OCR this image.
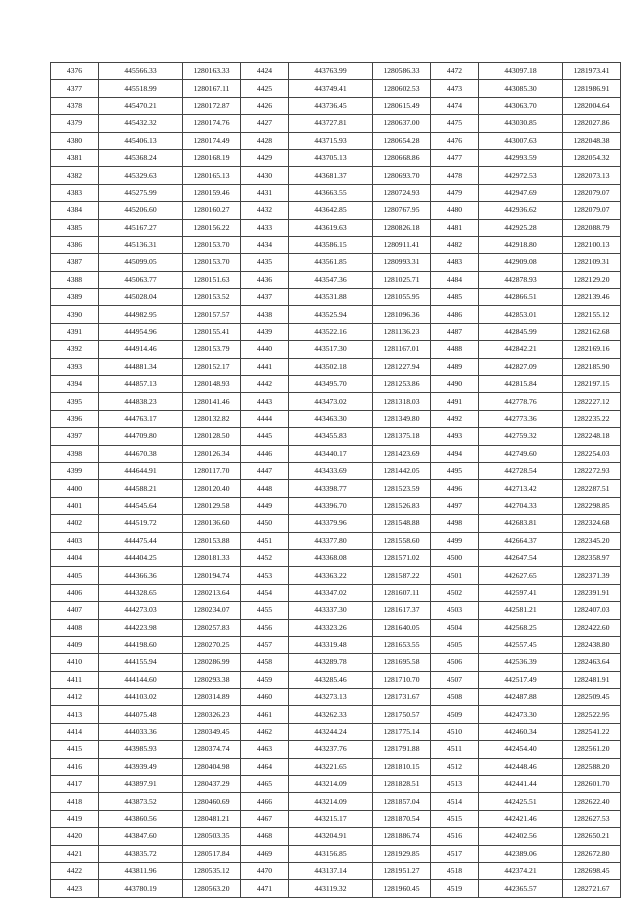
4376	445566.33	1280163.33	4424	443763.99	1280586.33	4472	443097.18	1281973.41
4377	445518.99	1280167.11	4425	443749.41	1280602.53	4473	443085.30	1281986.91
4378	445470.21	1280172.87	4426	443736.45	1280615.49	4474	443063.70	1282004.64
4379	445432.32	1280174.76	4427	443727.81	1280637.00	4475	443030.85	1282027.86
4380	445406.13	1280174.49	4428	443715.93	1280654.28	4476	443007.63	1282048.38
4381	445368.24	1280168.19	4429	443705.13	1280668.86	4477	442993.59	1282054.32
4382	445329.63	1280165.13	4430	443681.37	1280693.70	4478	442972.53	1282073.13
4383	445275.99	1280159.46	4431	443663.55	1280724.93	4479	442947.69	1282079.07
4384	445206.60	1280160.27	4432	443642.85	1280767.95	4480	442936.62	1282079.07
4385	445167.27	1280156.22	4433	443619.63	1280826.18	4481	442925.28	1282088.79
4386	445136.31	1280153.70	4434	443586.15	1280911.41	4482	442918.80	1282100.13
4387	445099.05	1280153.70	4435	443561.85	1280993.31	4483	442909.08	1282109.31
4388	445063.77	1280151.63	4436	443547.36	1281025.71	4484	442878.93	1282129.20
4389	445028.04	1280153.52	4437	443531.88	1281055.95	4485	442866.51	1282139.46
4390	444982.95	1280157.57	4438	443525.94	1281096.36	4486	442853.01	1282155.12
4391	444954.96	1280155.41	4439	443522.16	1281136.23	4487	442845.99	1282162.68
4392	444914.46	1280153.79	4440	443517.30	1281167.01	4488	442842.21	1282169.16
4393	444881.34	1280152.17	4441	443502.18	1281227.94	4489	442827.09	1282185.90
4394	444857.13	1280148.93	4442	443495.70	1281253.86	4490	442815.84	1282197.15
4395	444838.23	1280141.46	4443	443473.02	1281318.03	4491	442778.76	1282227.12
4396	444763.17	1280132.82	4444	443463.30	1281349.80	4492	442773.36	1282235.22
4397	444709.80	1280128.50	4445	443455.83	1281375.18	4493	442759.32	1282248.18
4398	444670.38	1280126.34	4446	443440.17	1281423.69	4494	442749.60	1282254.03
4399	444644.91	1280117.70	4447	443433.69	1281442.05	4495	442728.54	1282272.93
4400	444588.21	1280120.40	4448	443398.77	1281523.59	4496	442713.42	1282287.51
4401	444545.64	1280129.58	4449	443396.70	1281526.83	4497	442704.33	1282298.85
4402	444519.72	1280136.60	4450	443379.96	1281548.88	4498	442683.81	1282324.68
4403	444475.44	1280153.88	4451	443377.80	1281558.60	4499	442664.37	1282345.20
4404	444404.25	1280181.33	4452	443368.08	1281571.02	4500	442647.54	1282358.97
4405	444366.36	1280194.74	4453	443363.22	1281587.22	4501	442627.65	1282371.39
4406	444328.65	1280213.64	4454	443347.02	1281607.11	4502	442597.41	1282391.91
4407	444273.03	1280234.07	4455	443337.30	1281617.37	4503	442581.21	1282407.03
4408	444223.98	1280257.83	4456	443323.26	1281640.05	4504	442568.25	1282422.60
4409	444198.60	1280270.25	4457	443319.48	1281653.55	4505	442557.45	1282438.80
4410	444155.94	1280286.99	4458	443289.78	1281695.58	4506	442536.39	1282463.64
4411	444144.60	1280293.38	4459	443285.46	1281710.70	4507	442517.49	1282481.91
4412	444103.02	1280314.89	4460	443273.13	1281731.67	4508	442487.88	1282509.45
4413	444075.48	1280326.23	4461	443262.33	1281750.57	4509	442473.30	1282522.95
4414	444033.36	1280349.45	4462	443244.24	1281775.14	4510	442460.34	1282541.22
4415	443985.93	1280374.74	4463	443237.76	1281791.88	4511	442454.40	1282561.20
4416	443939.49	1280404.98	4464	443221.65	1281810.15	4512	442448.46	1282588.20
4417	443897.91	1280437.29	4465	443214.09	1281828.51	4513	442441.44	1282601.70
4418	443873.52	1280460.69	4466	443214.09	1281857.04	4514	442425.51	1282622.40
4419	443860.56	1280481.21	4467	443215.17	1281870.54	4515	442421.46	1282627.53
4420	443847.60	1280503.35	4468	443204.91	1281886.74	4516	442402.56	1282650.21
4421	443835.72	1280517.84	4469	443156.85	1281929.85	4517	442389.06	1282672.80
4422	443811.96	1280535.12	4470	443137.14	1281951.27	4518	442374.21	1282698.45
4423	443780.19	1280563.20	4471	443119.32	1281960.45	4519	442365.57	1282721.67
